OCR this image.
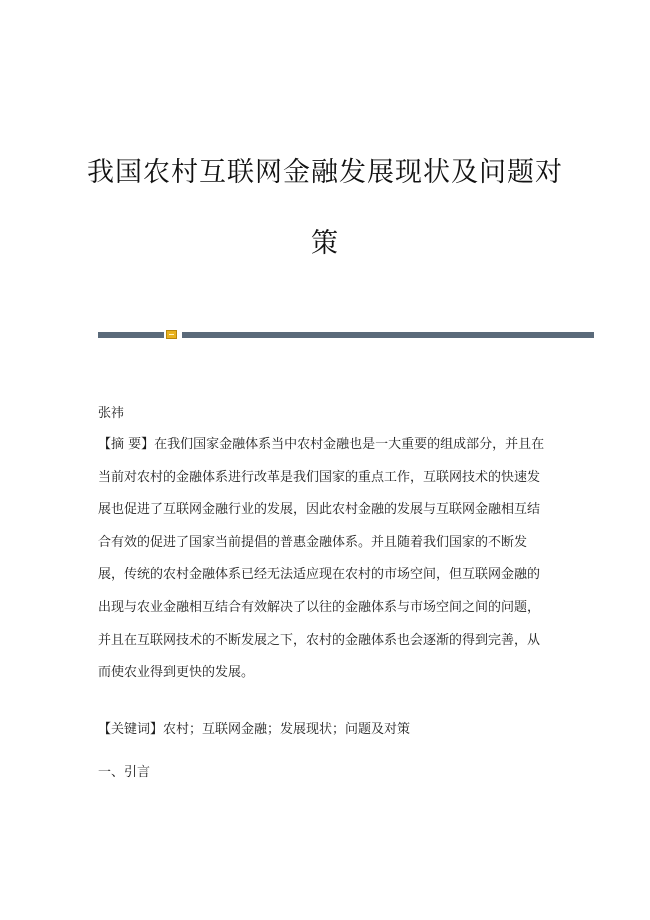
我国农村互联网金融发展现状及问题对
策

张祎

【摘 要】在我们国家金融体系当中农村金融也是一大重要的组成部分，并且在
当前对农村的金融体系进行改革是我们国家的重点工作，互联网技术的快速发
展也促进了互联网金融行业的发展，因此农村金融的发展与互联网金融相互结
合有效的促进了国家当前提倡的普惠金融体系。并且随着我们国家的不断发
展，传统的农村金融体系已经无法适应现在农村的市场空间，但互联网金融的
出现与农业金融相互结合有效解决了以往的金融体系与市场空间之间的问题，
并且在互联网技术的不断发展之下，农村的金融体系也会逐渐的得到完善，从
而使农业得到更快的发展。

【关键词】农村；互联网金融；发展现状；问题及对策

一、引言
